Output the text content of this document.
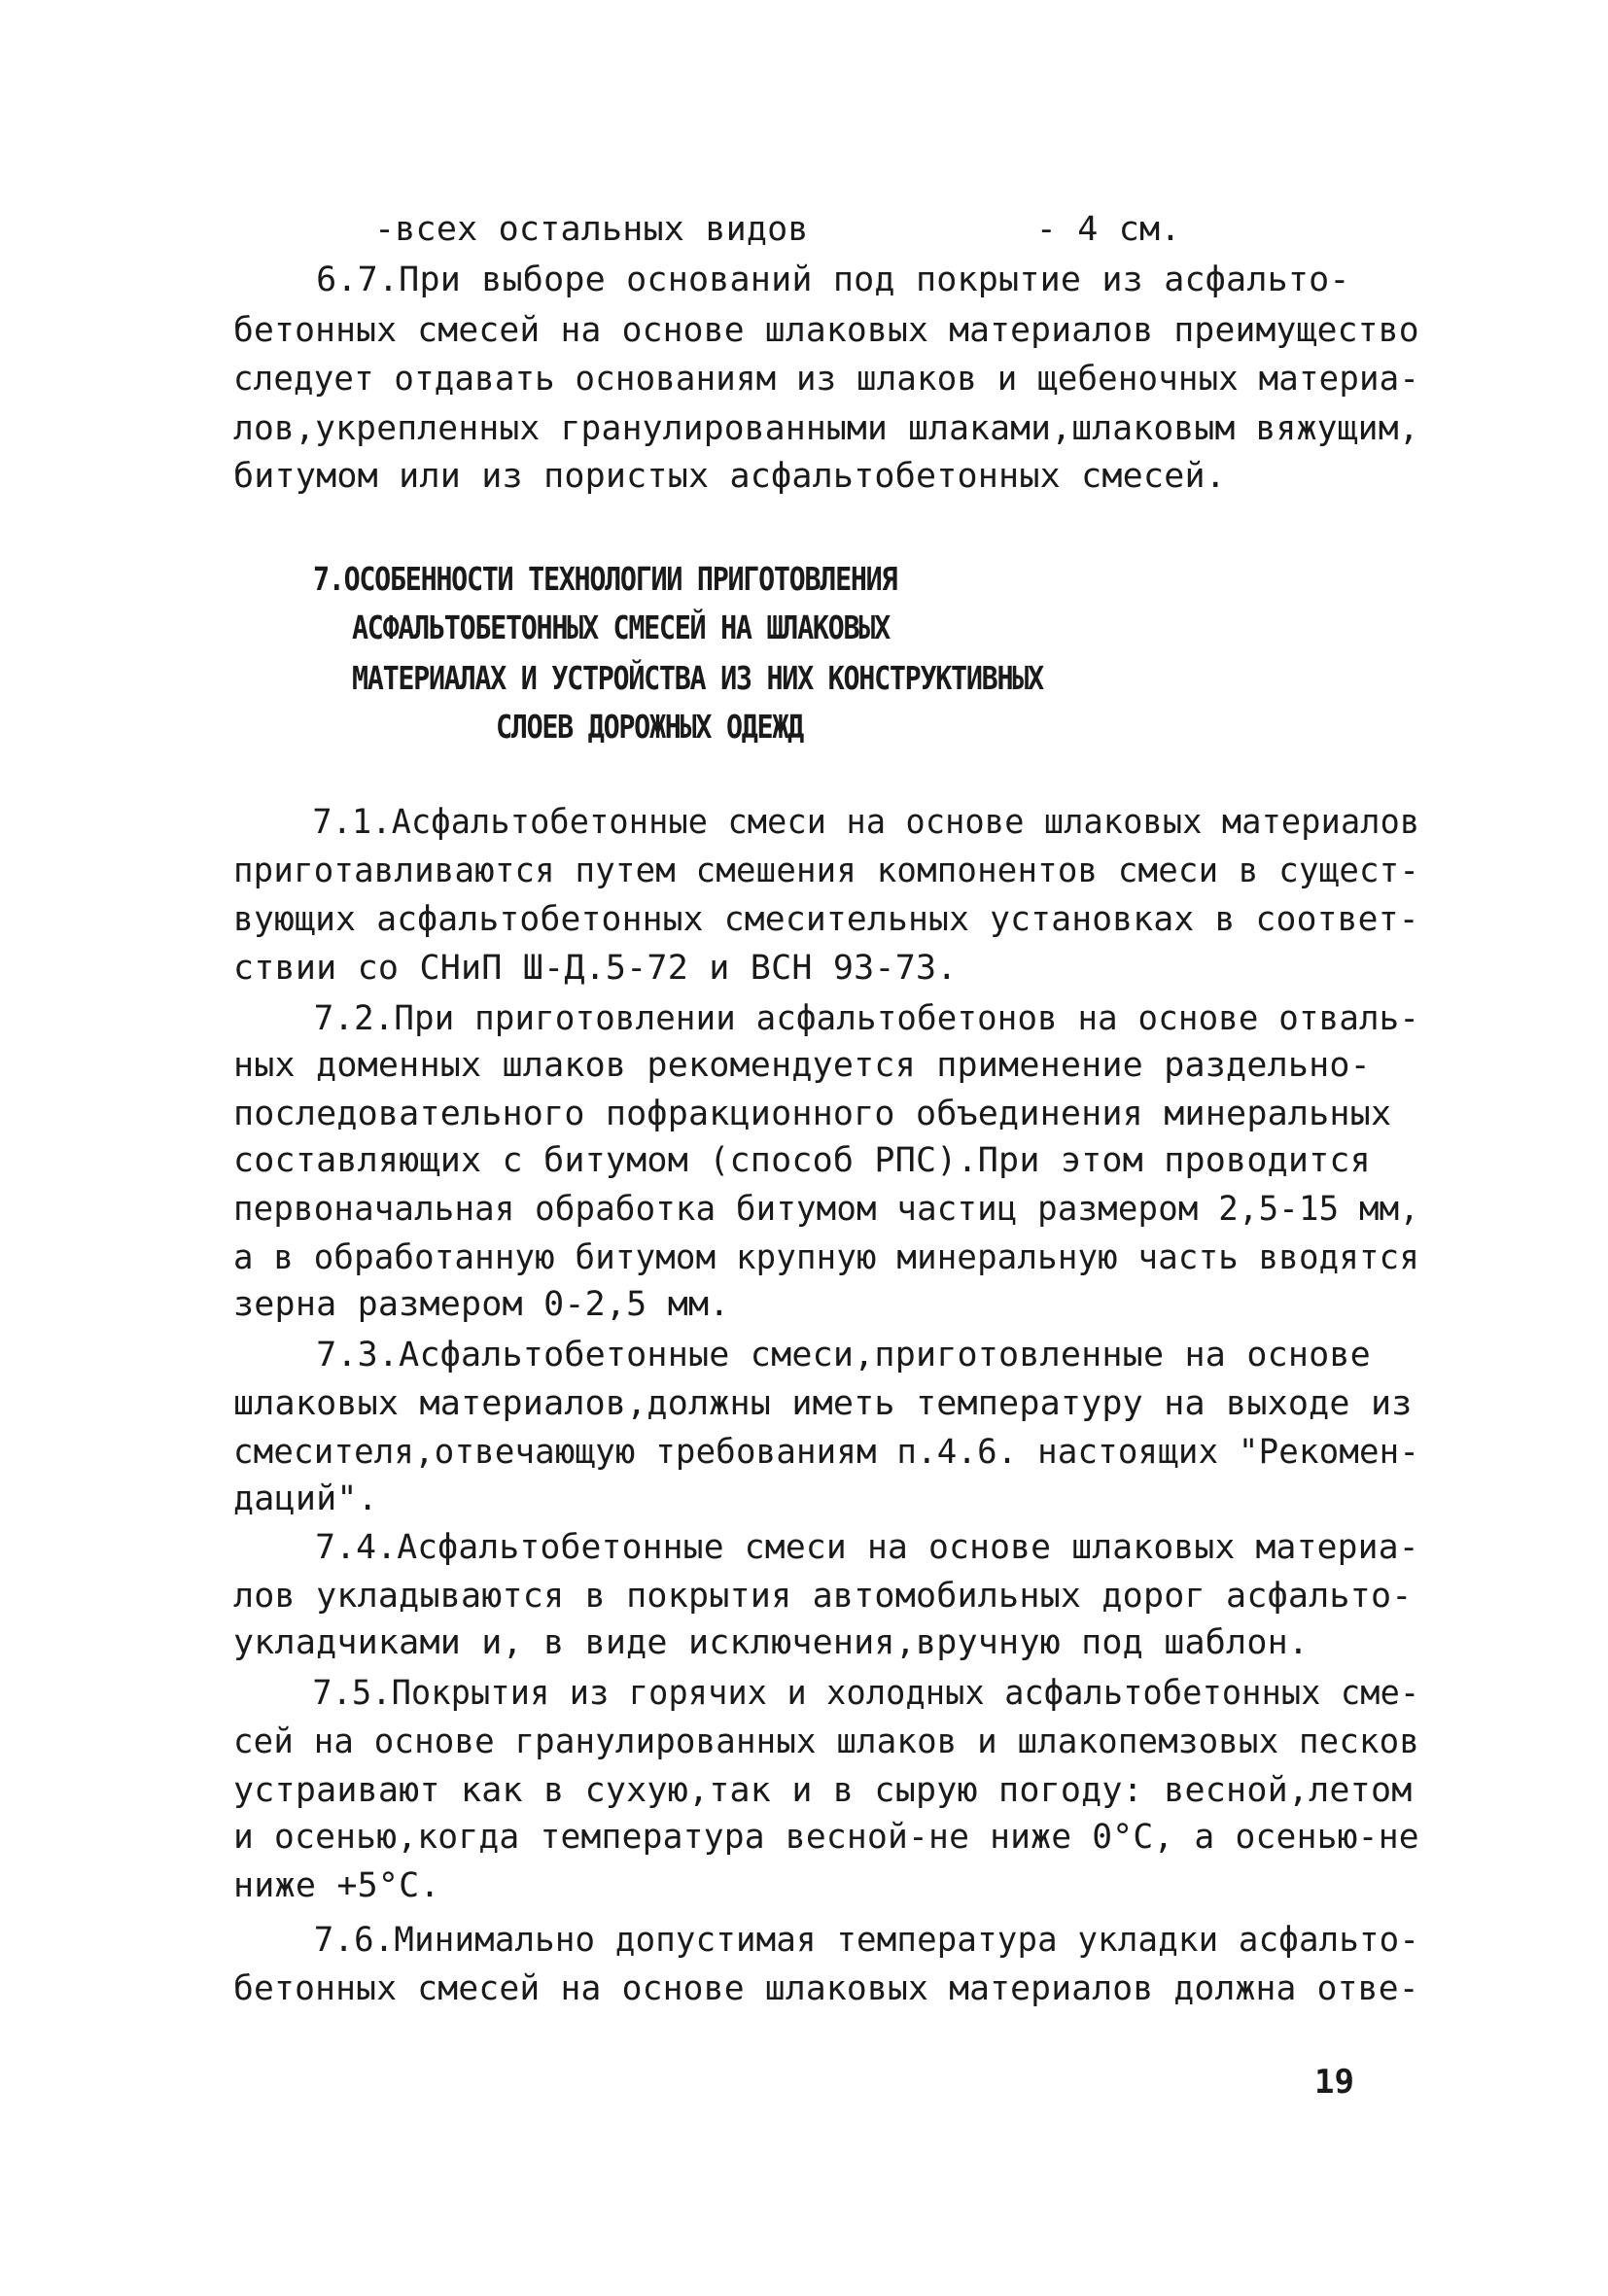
-всех остальных видов           - 4 см.
6.7.При выборе оснований под покрытие из асфальто-
бетонных смесей на основе шлаковых материалов преимущество
следует отдавать основаниям из шлаков и щебеночных материа-
лов,укрепленных гранулированными шлаками,шлаковым вяжущим,
битумом или из пористых асфальтобетонных смесей.
7.ОСОБЕННОСТИ ТЕХНОЛОГИИ ПРИГОТОВЛЕНИЯ
АСФАЛЬТОБЕТОННЫХ СМЕСЕЙ НА ШЛАКОВЫХ
МАТЕРИАЛАХ И УСТРОЙСТВА ИЗ НИХ КОНСТРУКТИВНЫХ
СЛОЕВ ДОРОЖНЫХ ОДЕЖД
7.1.Асфальтобетонные смеси на основе шлаковых материалов
приготавливаются путем смешения компонентов смеси в сущест-
вующих асфальтобетонных смесительных установках в соответ-
ствии со СНиП Ш-Д.5-72 и ВСН 93-73.
7.2.При приготовлении асфальтобетонов на основе отваль-
ных доменных шлаков рекомендуется применение раздельно-
последовательного пофракционного объединения минеральных
составляющих с битумом (способ РПС).При этом проводится
первоначальная обработка битумом частиц размером 2,5-15 мм,
а в обработанную битумом крупную минеральную часть вводятся
зерна размером 0-2,5 мм.
7.3.Асфальтобетонные смеси,приготовленные на основе
шлаковых материалов,должны иметь температуру на выходе из
смесителя,отвечающую требованиям п.4.6. настоящих "Рекомен-
даций".
7.4.Асфальтобетонные смеси на основе шлаковых материа-
лов укладываются в покрытия автомобильных дорог асфальто-
укладчиками и, в виде исключения,вручную под шаблон.
7.5.Покрытия из горячих и холодных асфальтобетонных сме-
сей на основе гранулированных шлаков и шлакопемзовых песков
устраивают как в сухую,так и в сырую погоду: весной,летом
и осенью,когда температура весной-не ниже 0°С, а осенью-не
ниже +5°С.
7.6.Минимально допустимая температура укладки асфальто-
бетонных смесей на основе шлаковых материалов должна отве-
19
